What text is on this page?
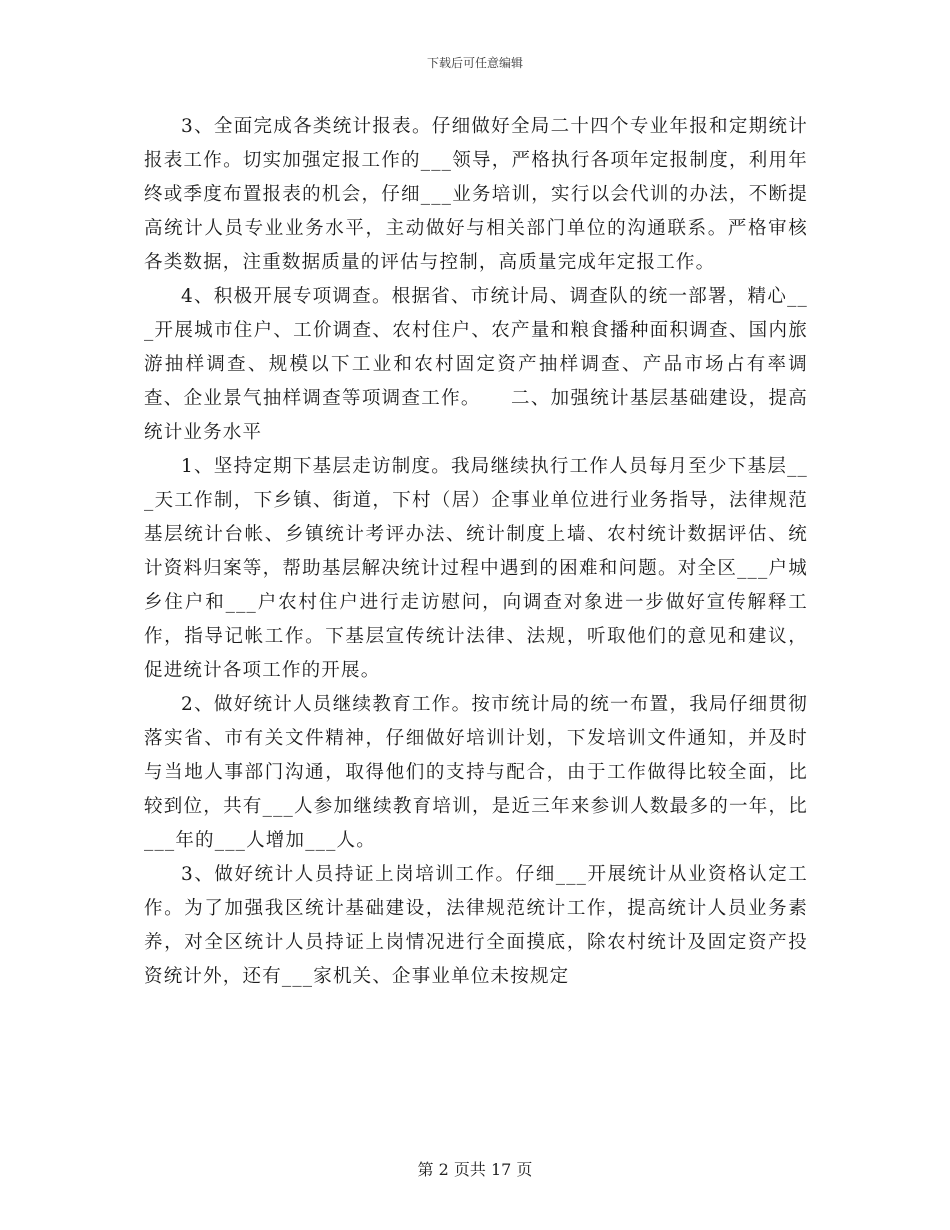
下载后可任意编辑

3、全面完成各类统计报表。仔细做好全局二十四个专业年报和定期统计报表工作。切实加强定报工作的___领导，严格执行各项年定报制度，利用年终或季度布置报表的机会，仔细___业务培训，实行以会代训的办法，不断提高统计人员专业业务水平，主动做好与相关部门单位的沟通联系。严格审核各类数据，注重数据质量的评估与控制，高质量完成年定报工作。

4、积极开展专项调查。根据省、市统计局、调查队的统一部署，精心___开展城市住户、工价调查、农村住户、农产量和粮食播种面积调查、国内旅游抽样调查、规模以下工业和农村固定资产抽样调查、产品市场占有率调查、企业景气抽样调查等项调查工作。　　二、加强统计基层基础建设，提高统计业务水平

1、坚持定期下基层走访制度。我局继续执行工作人员每月至少下基层___天工作制，下乡镇、街道，下村（居）企事业单位进行业务指导，法律规范基层统计台帐、乡镇统计考评办法、统计制度上墙、农村统计数据评估、统计资料归案等，帮助基层解决统计过程中遇到的困难和问题。对全区___户城乡住户和___户农村住户进行走访慰问，向调查对象进一步做好宣传解释工作，指导记帐工作。下基层宣传统计法律、法规，听取他们的意见和建议，促进统计各项工作的开展。

2、做好统计人员继续教育工作。按市统计局的统一布置，我局仔细贯彻落实省、市有关文件精神，仔细做好培训计划，下发培训文件通知，并及时与当地人事部门沟通，取得他们的支持与配合，由于工作做得比较全面，比较到位，共有___人参加继续教育培训，是近三年来参训人数最多的一年，比___年的___人增加___人。

3、做好统计人员持证上岗培训工作。仔细___开展统计从业资格认定工作。为了加强我区统计基础建设，法律规范统计工作，提高统计人员业务素养，对全区统计人员持证上岗情况进行全面摸底，除农村统计及固定资产投资统计外，还有___家机关、企事业单位未按规定

第 2 页共 17 页
